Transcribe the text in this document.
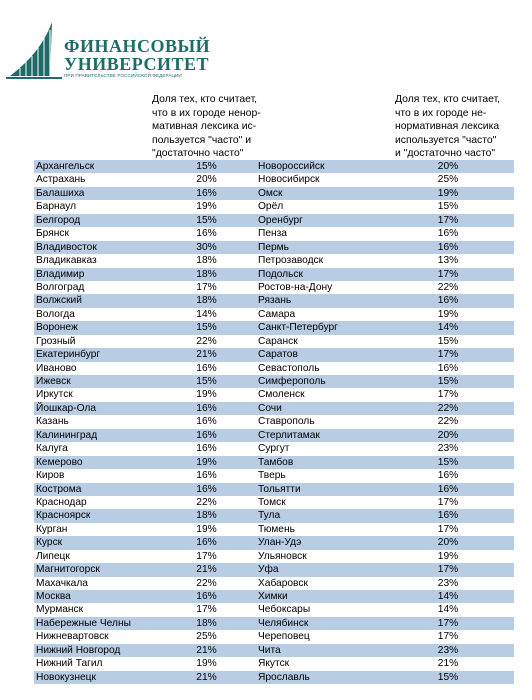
ФИНАНСОВЫЙ
УНИВЕРСИТЕТ
ПРИ ПРАВИТЕЛЬСТВЕ РОССИЙСКОЙ ФЕДЕРАЦИИ
Доля тех, кто считает,
что в их городе ненор-
мативная лексика ис-
пользуется "часто" и
"достаточно часто"
Доля тех, кто считает,
что в их городе не-
нормативная лексика
используется "часто"
и "достаточно часто"
Архангельск	15%	Новороссийск	20%
Астрахань	20%	Новосибирск	25%
Балашиха	16%	Омск	19%
Барнаул	19%	Орёл	15%
Белгород	15%	Оренбург	17%
Брянск	16%	Пенза	16%
Владивосток	30%	Пермь	16%
Владикавказ	18%	Петрозаводск	13%
Владимир	18%	Подольск	17%
Волгоград	17%	Ростов-на-Дону	22%
Волжский	18%	Рязань	16%
Вологда	14%	Самара	19%
Воронеж	15%	Санкт-Петербург	14%
Грозный	22%	Саранск	15%
Екатеринбург	21%	Саратов	17%
Иваново	16%	Севастополь	16%
Ижевск	15%	Симферополь	15%
Иркутск	19%	Смоленск	17%
Йошкар-Ола	16%	Сочи	22%
Казань	16%	Ставрополь	22%
Калининград	16%	Стерлитамак	20%
Калуга	16%	Сургут	23%
Кемерово	19%	Тамбов	15%
Киров	16%	Тверь	16%
Кострома	16%	Тольятти	16%
Краснодар	22%	Томск	17%
Красноярск	18%	Тула	16%
Курган	19%	Тюмень	17%
Курск	16%	Улан-Удэ	20%
Липецк	17%	Ульяновск	19%
Магнитогорск	21%	Уфа	17%
Махачкала	22%	Хабаровск	23%
Москва	16%	Химки	14%
Мурманск	17%	Чебоксары	14%
Набережные Челны	18%	Челябинск	17%
Нижневартовск	25%	Череповец	17%
Нижний Новгород	21%	Чита	23%
Нижний Тагил	19%	Якутск	21%
Новокузнецк	21%	Ярославль	15%
